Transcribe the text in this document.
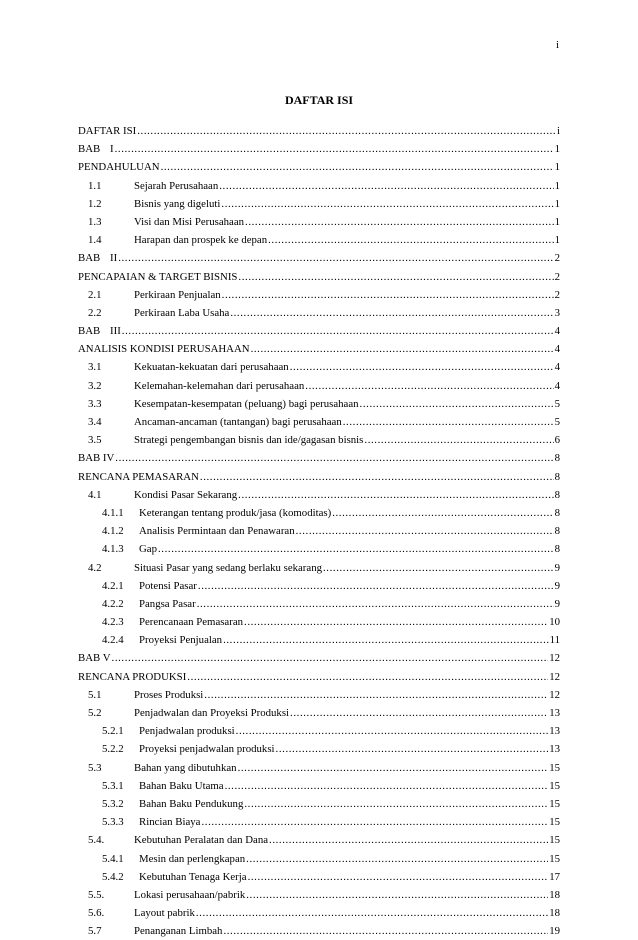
i
DAFTAR ISI
DAFTAR ISI .....	i
BAB I .....	1
PENDAHULUAN .....	1
1.1	Sejarah Perusahaan .....	1
1.2	Bisnis yang digeluti .....	1
1.3	Visi dan Misi Perusahaan .....	1
1.4	Harapan dan prospek ke depan .....	1
BAB II .....	2
PENCAPAIAN & TARGET BISNIS .....	2
2.1	Perkiraan Penjualan .....	2
2.2	Perkiraan Laba Usaha .....	3
BAB III .....	4
ANALISIS KONDISI PERUSAHAAN .....	4
3.1	Kekuatan-kekuatan dari perusahaan .....	4
3.2	Kelemahan-kelemahan dari perusahaan .....	4
3.3	Kesempatan-kesempatan (peluang) bagi perusahaan .....	5
3.4	Ancaman-ancaman (tantangan) bagi perusahaan .....	5
3.5	Strategi pengembangan bisnis dan ide/gagasan bisnis .....	6
BAB IV .....	8
RENCANA PEMASARAN .....	8
4.1	Kondisi Pasar Sekarang .....	8
4.1.1	Keterangan tentang produk/jasa (komoditas) .....	8
4.1.2	Analisis Permintaan dan Penawaran .....	8
4.1.3	Gap .....	8
4.2	Situasi Pasar yang sedang berlaku sekarang .....	9
4.2.1	Potensi Pasar .....	9
4.2.2	Pangsa Pasar .....	9
4.2.3	Perencanaan Pemasaran .....	10
4.2.4	Proyeksi Penjualan .....	11
BAB V .....	12
RENCANA PRODUKSI .....	12
5.1	Proses Produksi .....	12
5.2	Penjadwalan dan Proyeksi Produksi .....	13
5.2.1	Penjadwalan produksi .....	13
5.2.2	Proyeksi penjadwalan produksi .....	13
5.3	Bahan yang dibutuhkan .....	15
5.3.1	Bahan Baku Utama .....	15
5.3.2	Bahan Baku Pendukung .....	15
5.3.3	Rincian Biaya .....	15
5.4.	Kebutuhan Peralatan dan Dana .....	15
5.4.1	Mesin dan perlengkapan .....	15
5.4.2	Kebutuhan Tenaga Kerja .....	17
5.5.	Lokasi perusahaan/pabrik .....	18
5.6.	Layout pabrik .....	18
5.7	Penanganan Limbah .....	19
